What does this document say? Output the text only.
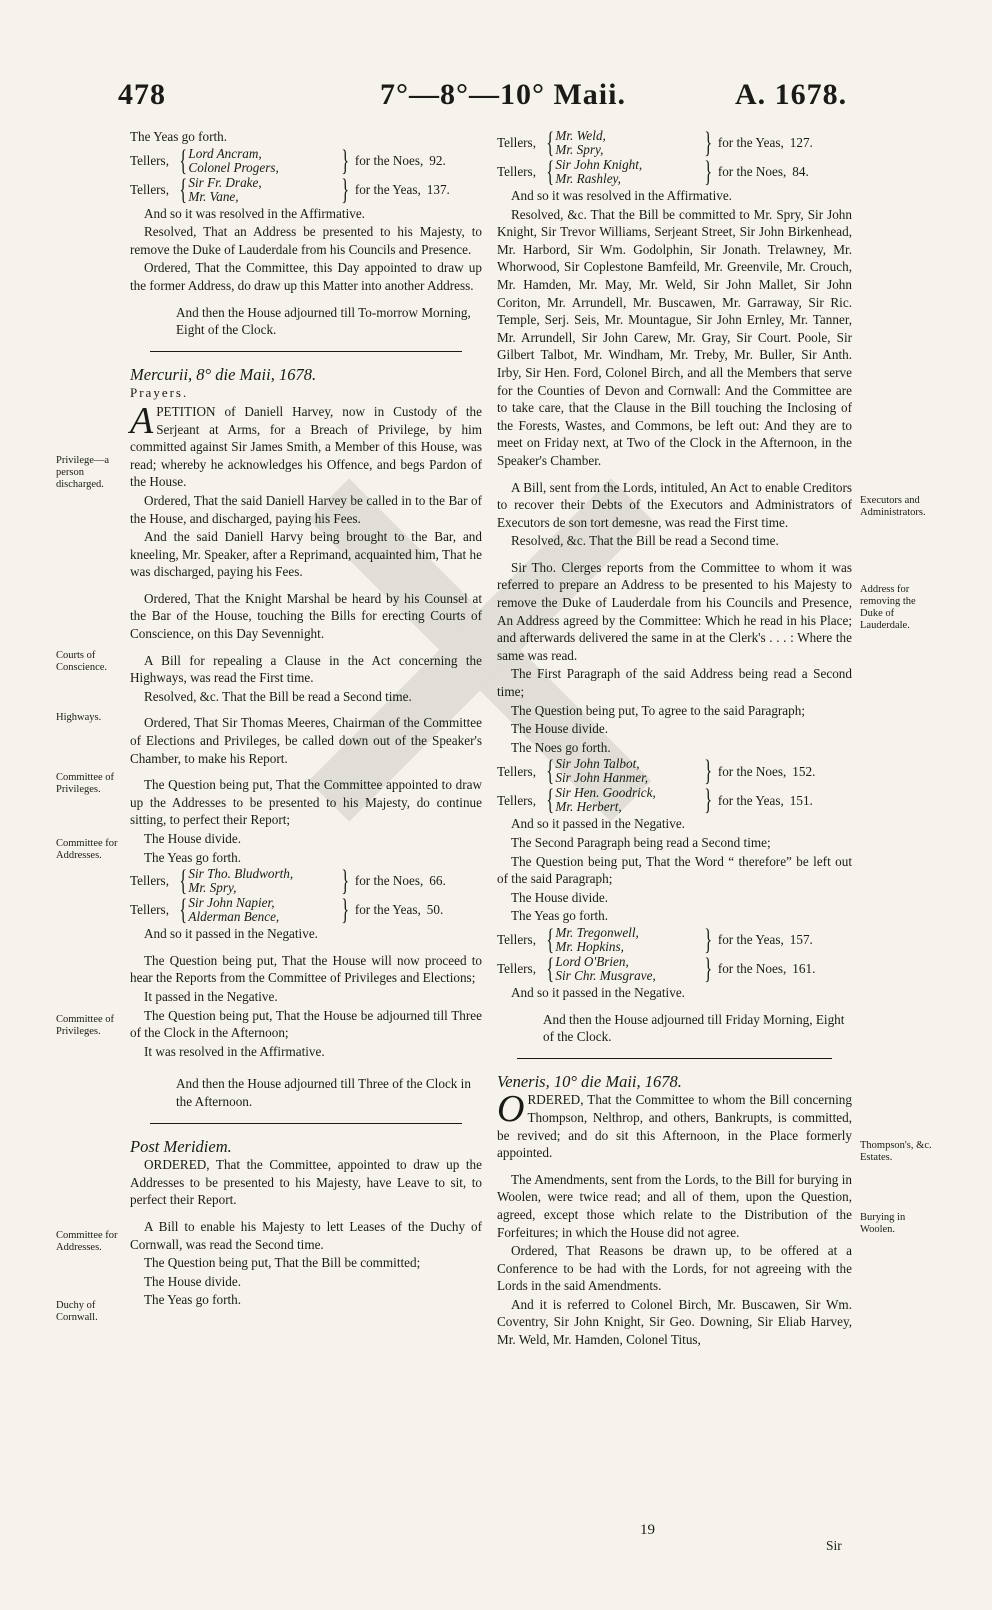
478	7°—8°—10° Maii.	A. 1678.

The Yeas go forth.

Tellers, { Lord Ancram,
Colonel Progers,	} for the Noes, 92.
Tellers, { Sir Fr. Drake,
Mr. Vane,	} for the Yeas, 137.

And so it was resolved in the Affirmative.

Resolved, That an Address be presented to his Majesty, to remove the Duke of Lauderdale from his Councils and Presence.

Ordered, That the Committee, this Day appointed to draw up the former Address, do draw up this Matter into another Address.

And then the House adjourned till To-morrow Morning, Eight of the Clock.

Mercurii, 8° die Maii, 1678.

Prayers.

APETITION of Daniell Harvey, now in Custody of the Serjeant at Arms, for a Breach of Privilege, by him committed against Sir James Smith, a Member of this House, was read; whereby he acknowledges his Offence, and begs Pardon of the House.

Ordered, That the said Daniell Harvey be called in to the Bar of the House, and discharged, paying his Fees.

And the said Daniell Harvy being brought to the Bar, and kneeling, Mr. Speaker, after a Reprimand, acquainted him, That he was discharged, paying his Fees.

Ordered, That the Knight Marshal be heard by his Counsel at the Bar of the House, touching the Bills for erecting Courts of Conscience, on this Day Sevennight.

A Bill for repealing a Clause in the Act concerning the Highways, was read the First time.

Resolved, &c. That the Bill be read a Second time.

Ordered, That Sir Thomas Meeres, Chairman of the Committee of Elections and Privileges, be called down out of the Speaker's Chamber, to make his Report.

The Question being put, That the Committee appointed to draw up the Addresses to be presented to his Majesty, do continue sitting, to perfect their Report;

The House divide.

The Yeas go forth.

Tellers, { Sir Tho. Bludworth,
Mr. Spry,	} for the Noes, 66.
Tellers, { Sir John Napier,
Alderman Bence,	} for the Yeas, 50.

And so it passed in the Negative.

The Question being put, That the House will now proceed to hear the Reports from the Committee of Privileges and Elections;

It passed in the Negative.

The Question being put, That the House be adjourned till Three of the Clock in the Afternoon;

It was resolved in the Affirmative.

And then the House adjourned till Three of the Clock in the Afternoon.

Post Meridiem.

ORDERED, That the Committee, appointed to draw up the Addresses to be presented to his Majesty, have Leave to sit, to perfect their Report.

A Bill to enable his Majesty to lett Leases of the Duchy of Cornwall, was read the Second time.

The Question being put, That the Bill be committed;

The House divide.

The Yeas go forth.

Tellers, { Mr. Weld,
Mr. Spry,	} for the Yeas, 127.
Tellers, { Sir John Knight,
Mr. Rashley,	} for the Noes, 84.

And so it was resolved in the Affirmative.

Resolved, &c. That the Bill be committed to Mr. Spry, Sir John Knight, Sir Trevor Williams, Serjeant Street, Sir John Birkenhead, Mr. Harbord, Sir Wm. Godolphin, Sir Jonath. Trelawney, Mr. Whorwood, Sir Coplestone Bamfeild, Mr. Greenvile, Mr. Crouch, Mr. Hamden, Mr. May, Mr. Weld, Sir John Mallet, Sir John Coriton, Mr. Arrundell, Mr. Buscawen, Mr. Garraway, Sir Ric. Temple, Serj. Seis, Mr. Mountague, Sir John Ernley, Mr. Tanner, Mr. Arrundell, Sir John Carew, Mr. Gray, Sir Court. Poole, Sir Gilbert Talbot, Mr. Windham, Mr. Treby, Mr. Buller, Sir Anth. Irby, Sir Hen. Ford, Colonel Birch, and all the Members that serve for the Counties of Devon and Cornwall: And the Committee are to take care, that the Clause in the Bill touching the Inclosing of the Forests, Wastes, and Commons, be left out: And they are to meet on Friday next, at Two of the Clock in the Afternoon, in the Speaker's Chamber.

A Bill, sent from the Lords, intituled, An Act to enable Creditors to recover their Debts of the Executors and Administrators of Executors de son tort demesne, was read the First time.

Resolved, &c. That the Bill be read a Second time.

Sir Tho. Clerges reports from the Committee to whom it was referred to prepare an Address to be presented to his Majesty to remove the Duke of Lauderdale from his Councils and Presence, An Address agreed by the Committee: Which he read in his Place; and afterwards delivered the same in at the Clerk's . . . : Where the same was read.

The First Paragraph of the said Address being read a Second time;

The Question being put, To agree to the said Paragraph;

The House divide.

The Noes go forth.

Tellers, { Sir John Talbot,
Sir John Hanmer,	} for the Noes, 152.
Tellers, { Sir Hen. Goodrick,
Mr. Herbert,	} for the Yeas, 151.

And so it passed in the Negative.

The Second Paragraph being read a Second time;

The Question being put, That the Word “ therefore” be left out of the said Paragraph;

The House divide.

The Yeas go forth.

Tellers, { Mr. Tregonwell,
Mr. Hopkins,	} for the Yeas, 157.
Tellers, { Lord O'Brien,
Sir Chr. Musgrave,	} for the Noes, 161.

And so it passed in the Negative.

And then the House adjourned till Friday Morning, Eight of the Clock.

Veneris, 10° die Maii, 1678.

ORDERED, That the Committee to whom the Bill concerning Thompson, Nelthrop, and others, Bankrupts, is committed, be revived; and do sit this Afternoon, in the Place formerly appointed.

The Amendments, sent from the Lords, to the Bill for burying in Woolen, were twice read; and all of them, upon the Question, agreed, except those which relate to the Distribution of the Forfeitures; in which the House did not agree.

Ordered, That Reasons be drawn up, to be offered at a Conference to be had with the Lords, for not agreeing with the Lords in the said Amendments.

And it is referred to Colonel Birch, Mr. Buscawen, Sir Wm. Coventry, Sir John Knight, Sir Geo. Downing, Sir Eliab Harvey, Mr. Weld, Mr. Hamden, Colonel Titus,

Privilege—a person discharged.
Courts of Conscience.
Highways.
Committee of Privileges.
Committee for Addresses.
Committee of Privileges.
Committee for Addresses.
Duchy of Cornwall.
Executors and Administrators.
Address for removing the Duke of Lauderdale.
Thompson's, &c. Estates.
Burying in Woolen.
19
Sir
